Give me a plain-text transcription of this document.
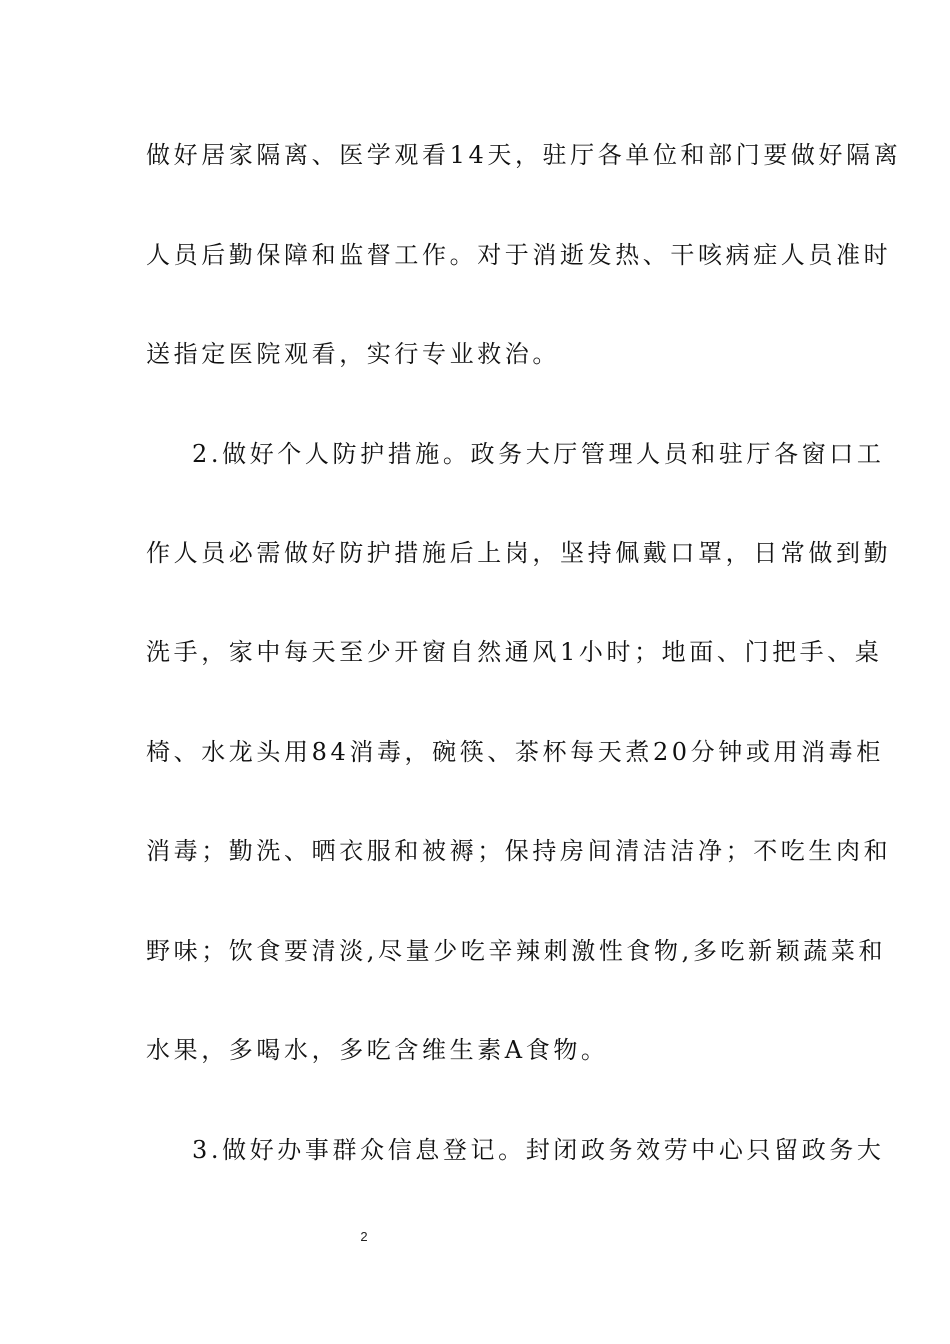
做好居家隔离、医学观看14天，驻厅各单位和部门要做好隔离
人员后勤保障和监督工作。对于消逝发热、干咳病症人员准时
送指定医院观看，实行专业救治。
2.做好个人防护措施。政务大厅管理人员和驻厅各窗口工
作人员必需做好防护措施后上岗，坚持佩戴口罩，日常做到勤
洗手，家中每天至少开窗自然通风1小时；地面、门把手、桌
椅、水龙头用84消毒，碗筷、茶杯每天煮20分钟或用消毒柜
消毒；勤洗、晒衣服和被褥；保持房间清洁洁净；不吃生肉和
野味；饮食要清淡,尽量少吃辛辣刺激性食物,多吃新颖蔬菜和
水果，多喝水，多吃含维生素A食物。
3.做好办事群众信息登记。封闭政务效劳中心只留政务大
2
